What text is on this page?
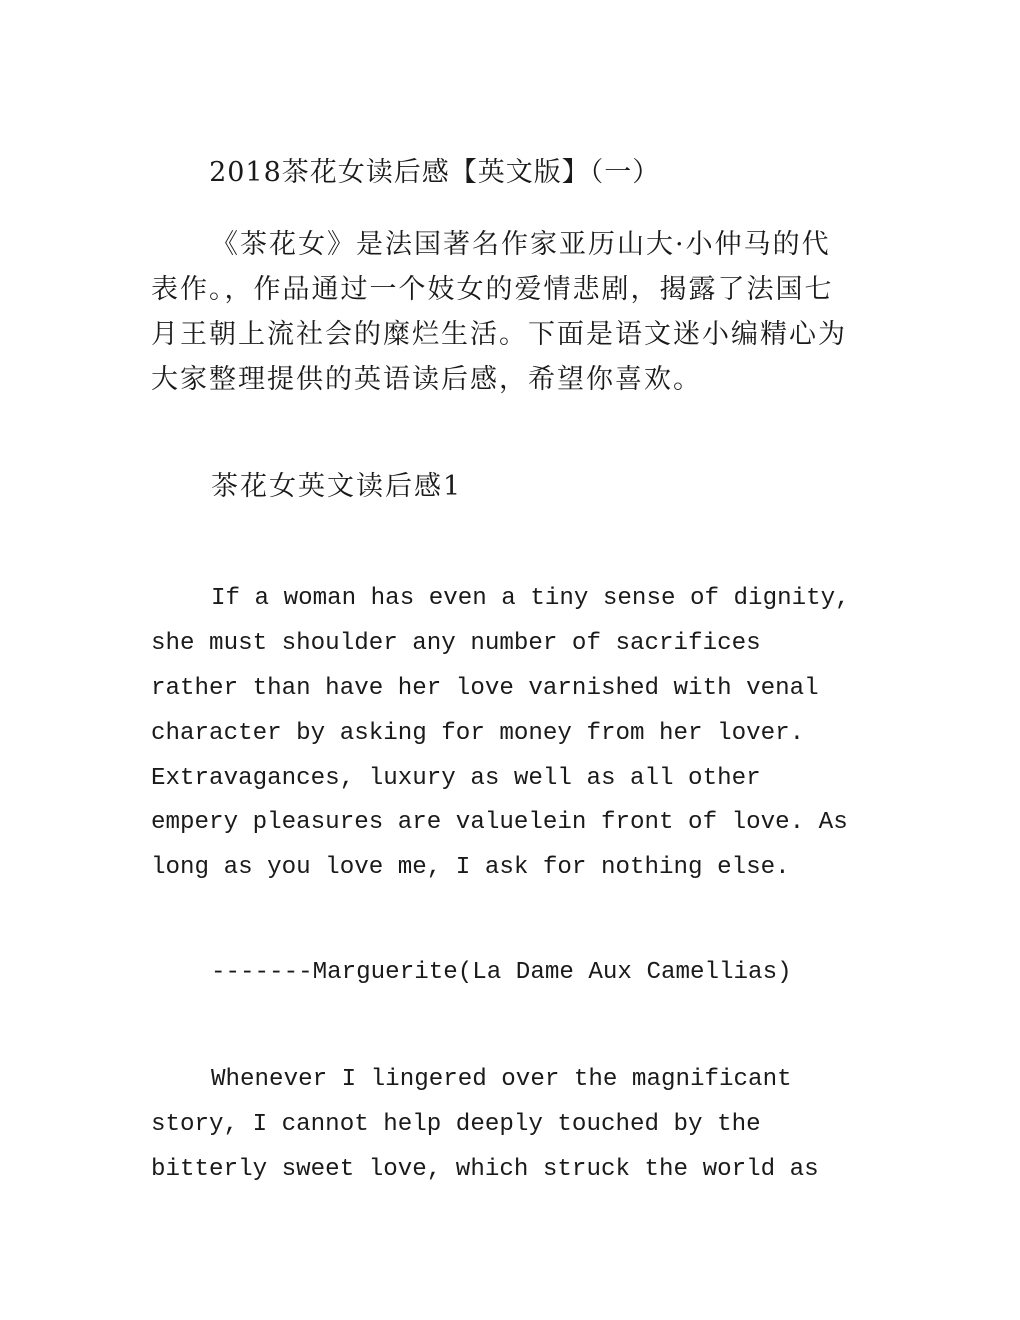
2018茶花女读后感【英文版】（一）

《茶花女》是法国著名作家亚历山大·小仲马的代
表作。，作品通过一个妓女的爱情悲剧，揭露了法国七
月王朝上流社会的糜烂生活。下面是语文迷小编精心为
大家整理提供的英语读后感，希望你喜欢。
茶花女英文读后感1
If a woman has even a tiny sense of dignity,
she must shoulder any number of sacrifices
rather than have her love varnished with venal
character by asking for money from her lover.
Extravagances, luxury as well as all other
empery pleasures are valuelein front of love. As
long as you love me, I ask for nothing else.
-------Marguerite(La Dame Aux Camellias)
Whenever I lingered over the magnificant
story, I cannot help deeply touched by the
bitterly sweet love, which struck the world as
